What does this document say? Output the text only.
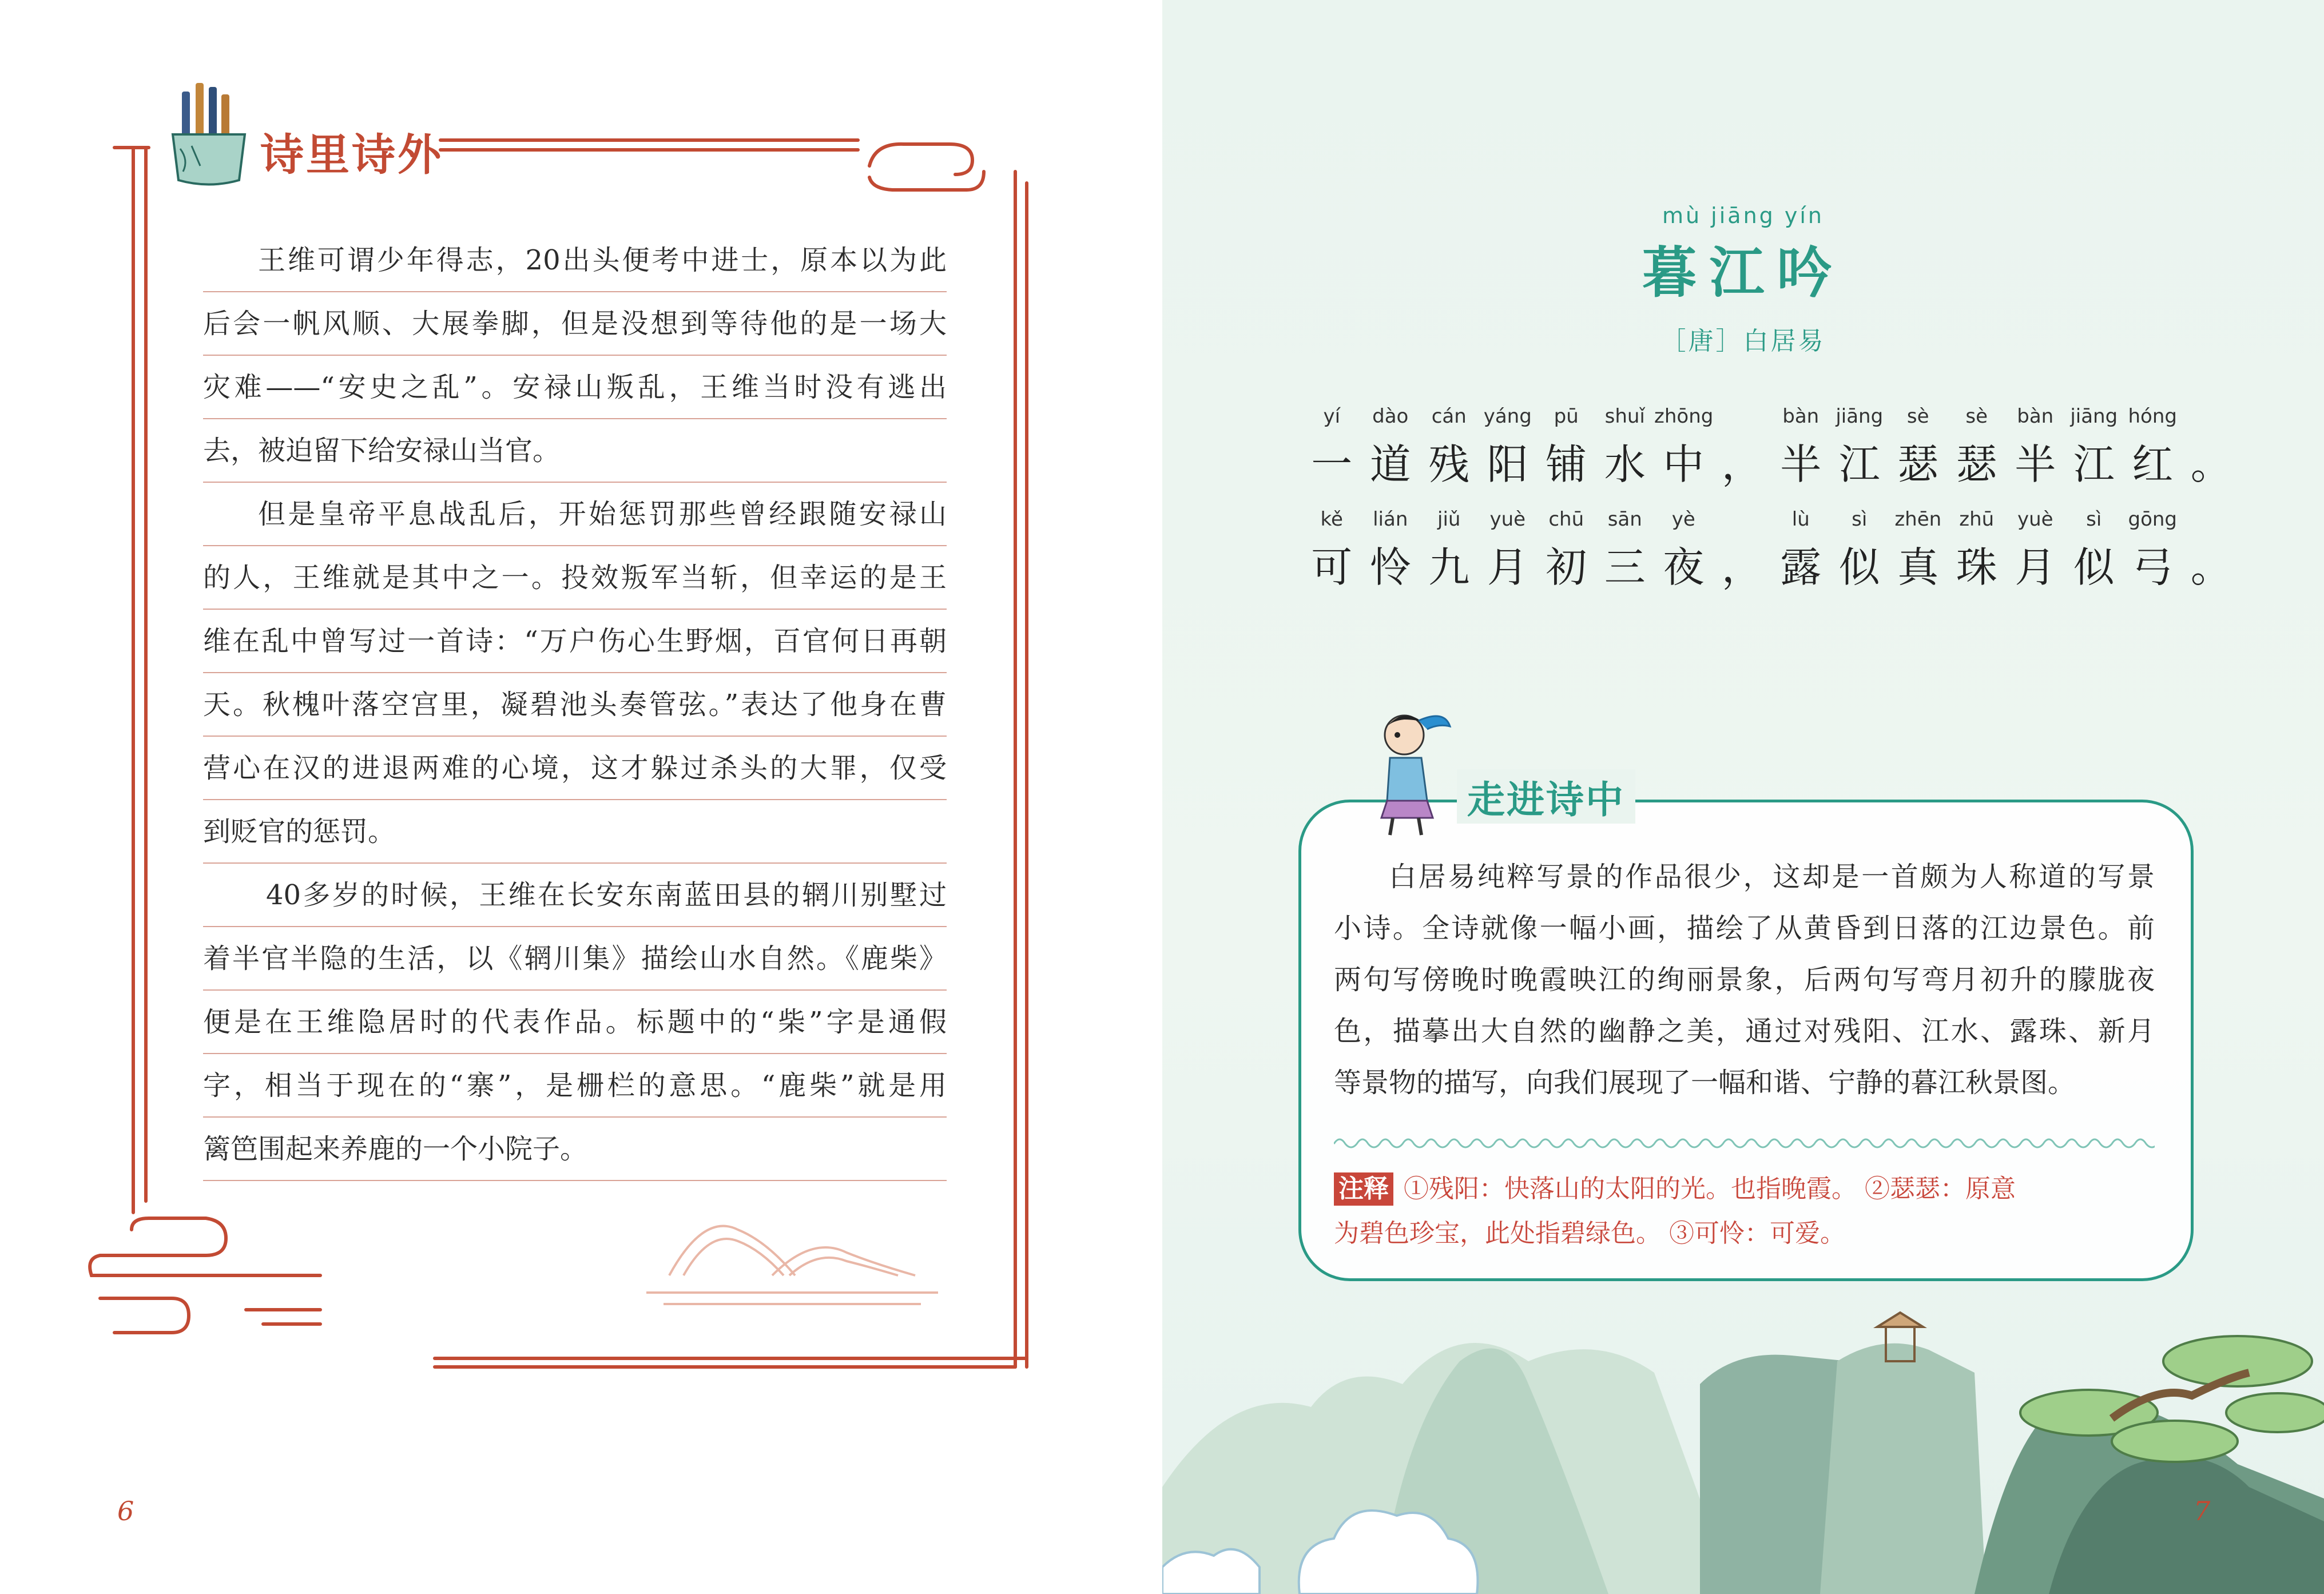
诗里诗外
王维可谓少年得志，20出头便考中进士，原本以为此
后会一帆风顺、大展拳脚，但是没想到等待他的是一场大
灾难——“安史之乱”。安禄山叛乱，王维当时没有逃出
去，被迫留下给安禄山当官。
但是皇帝平息战乱后，开始惩罚那些曾经跟随安禄山
的人，王维就是其中之一。投效叛军当斩，但幸运的是王
维在乱中曾写过一首诗：“万户伤心生野烟，百官何日再朝
天。秋槐叶落空宫里，凝碧池头奏管弦。”表达了他身在曹
营心在汉的进退两难的心境，这才躲过杀头的大罪，仅受
到贬官的惩罚。
40多岁的时候，王维在长安东南蓝田县的辋川别墅过
着半官半隐的生活，以《辋川集》描绘山水自然。《鹿柴》
便是在王维隐居时的代表作品。标题中的“柴”字是通假
字，相当于现在的“寨”，是栅栏的意思。“鹿柴”就是用
篱笆围起来养鹿的一个小院子。
6
mù jiāng yín
暮江吟
［唐］白居易
yí
一
dào
道
cán
残
yáng
阳
pū
铺
shuǐ
水
zhōng
中 ，
bàn
半
jiāng
江
sè
瑟
sè
瑟
bàn
半
jiāng
江
hóng
红 。
kě
可
lián
怜
jiǔ
九
yuè
月
chū
初
sān
三
yè
夜 ，
lù
露
sì
似
zhēn
真
zhū
珠
yuè
月
sì
似
gōng
弓 。
走进诗中
白居易纯粹写景的作品很少，这却是一首颇为人称道的写景
小诗。全诗就像一幅小画，描绘了从黄昏到日落的江边景色。前
两句写傍晚时晚霞映江的绚丽景象，后两句写弯月初升的朦胧夜
色，描摹出大自然的幽静之美，通过对残阳、江水、露珠、新月
等景物的描写，向我们展现了一幅和谐、宁静的暮江秋景图。
注释 ①残阳：快落山的太阳的光。也指晚霞。 ②瑟瑟：原意
为碧色珍宝，此处指碧绿色。 ③可怜：可爱。
7
